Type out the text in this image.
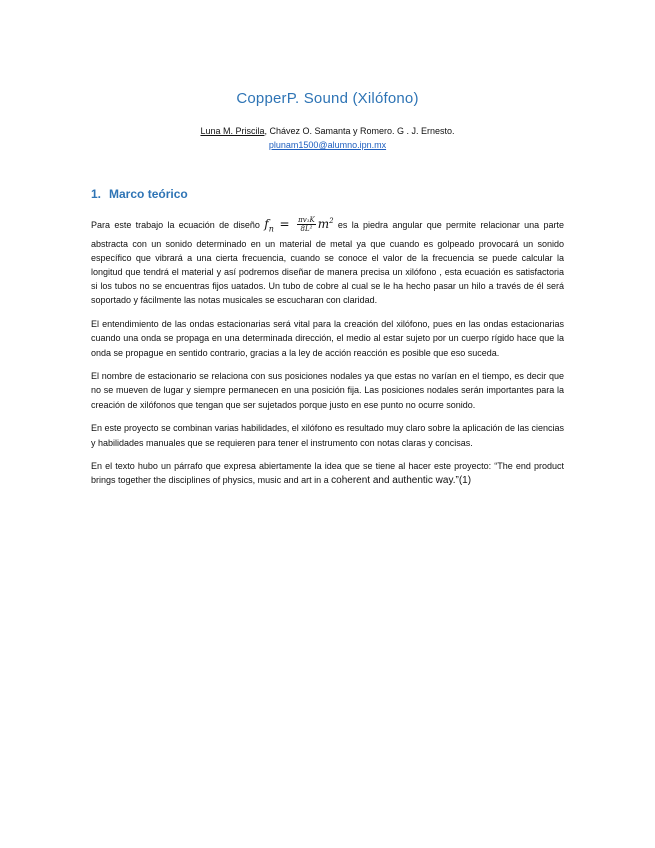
CopperP. Sound (Xilófono)
Luna M. Priscila, Chávez O. Samanta y Romero. G . J. Ernesto.
plunam1500@alumno.ipn.mx
1. Marco teórico

Para este trabajo la ecuación de diseño $f_n = \frac{\text{πv₁K}}{\text{8L²}} m^2$ es la piedra angular que permite relacionar una parte abstracta con un sonido determinado en un material de metal ya que cuando es golpeado provocará un sonido específico que vibrará a una cierta frecuencia, cuando se conoce el valor de la frecuencia se puede calcular la longitud que tendrá el material y así podremos diseñar de manera precisa un xilófono , esta ecuación es satisfactoria si los tubos no se encuentras fijos uatados. Un tubo de cobre al cual se le ha hecho pasar un hilo a través de él será soportado y fácilmente las notas musicales se escucharan con claridad.

El entendimiento de las ondas estacionarias será vital para la creación del xilófono, pues en las ondas estacionarias cuando una onda se propaga en una determinada dirección, el medio al estar sujeto por un cuerpo rígido hace que la onda se propague en sentido contrario, gracias a la ley de acción reacción es posible que eso suceda.

El nombre de estacionario se relaciona con sus posiciones nodales ya que estas no varían en el tiempo, es decir que no se mueven de lugar y siempre permanecen en una posición fija. Las posiciones nodales serán importantes para la creación de xilófonos que tengan que ser sujetados porque justo en ese punto no ocurre sonido.

En este proyecto se combinan varias habilidades, el xilófono es resultado muy claro sobre la aplicación de las ciencias y habilidades manuales que se requieren para tener el instrumento con notas claras y concisas.

En el texto hubo un párrafo que expresa abiertamente la idea que se tiene al hacer este proyecto: “The end product brings together the disciplines of physics, music and art in a coherent and authentic way.”(1)
